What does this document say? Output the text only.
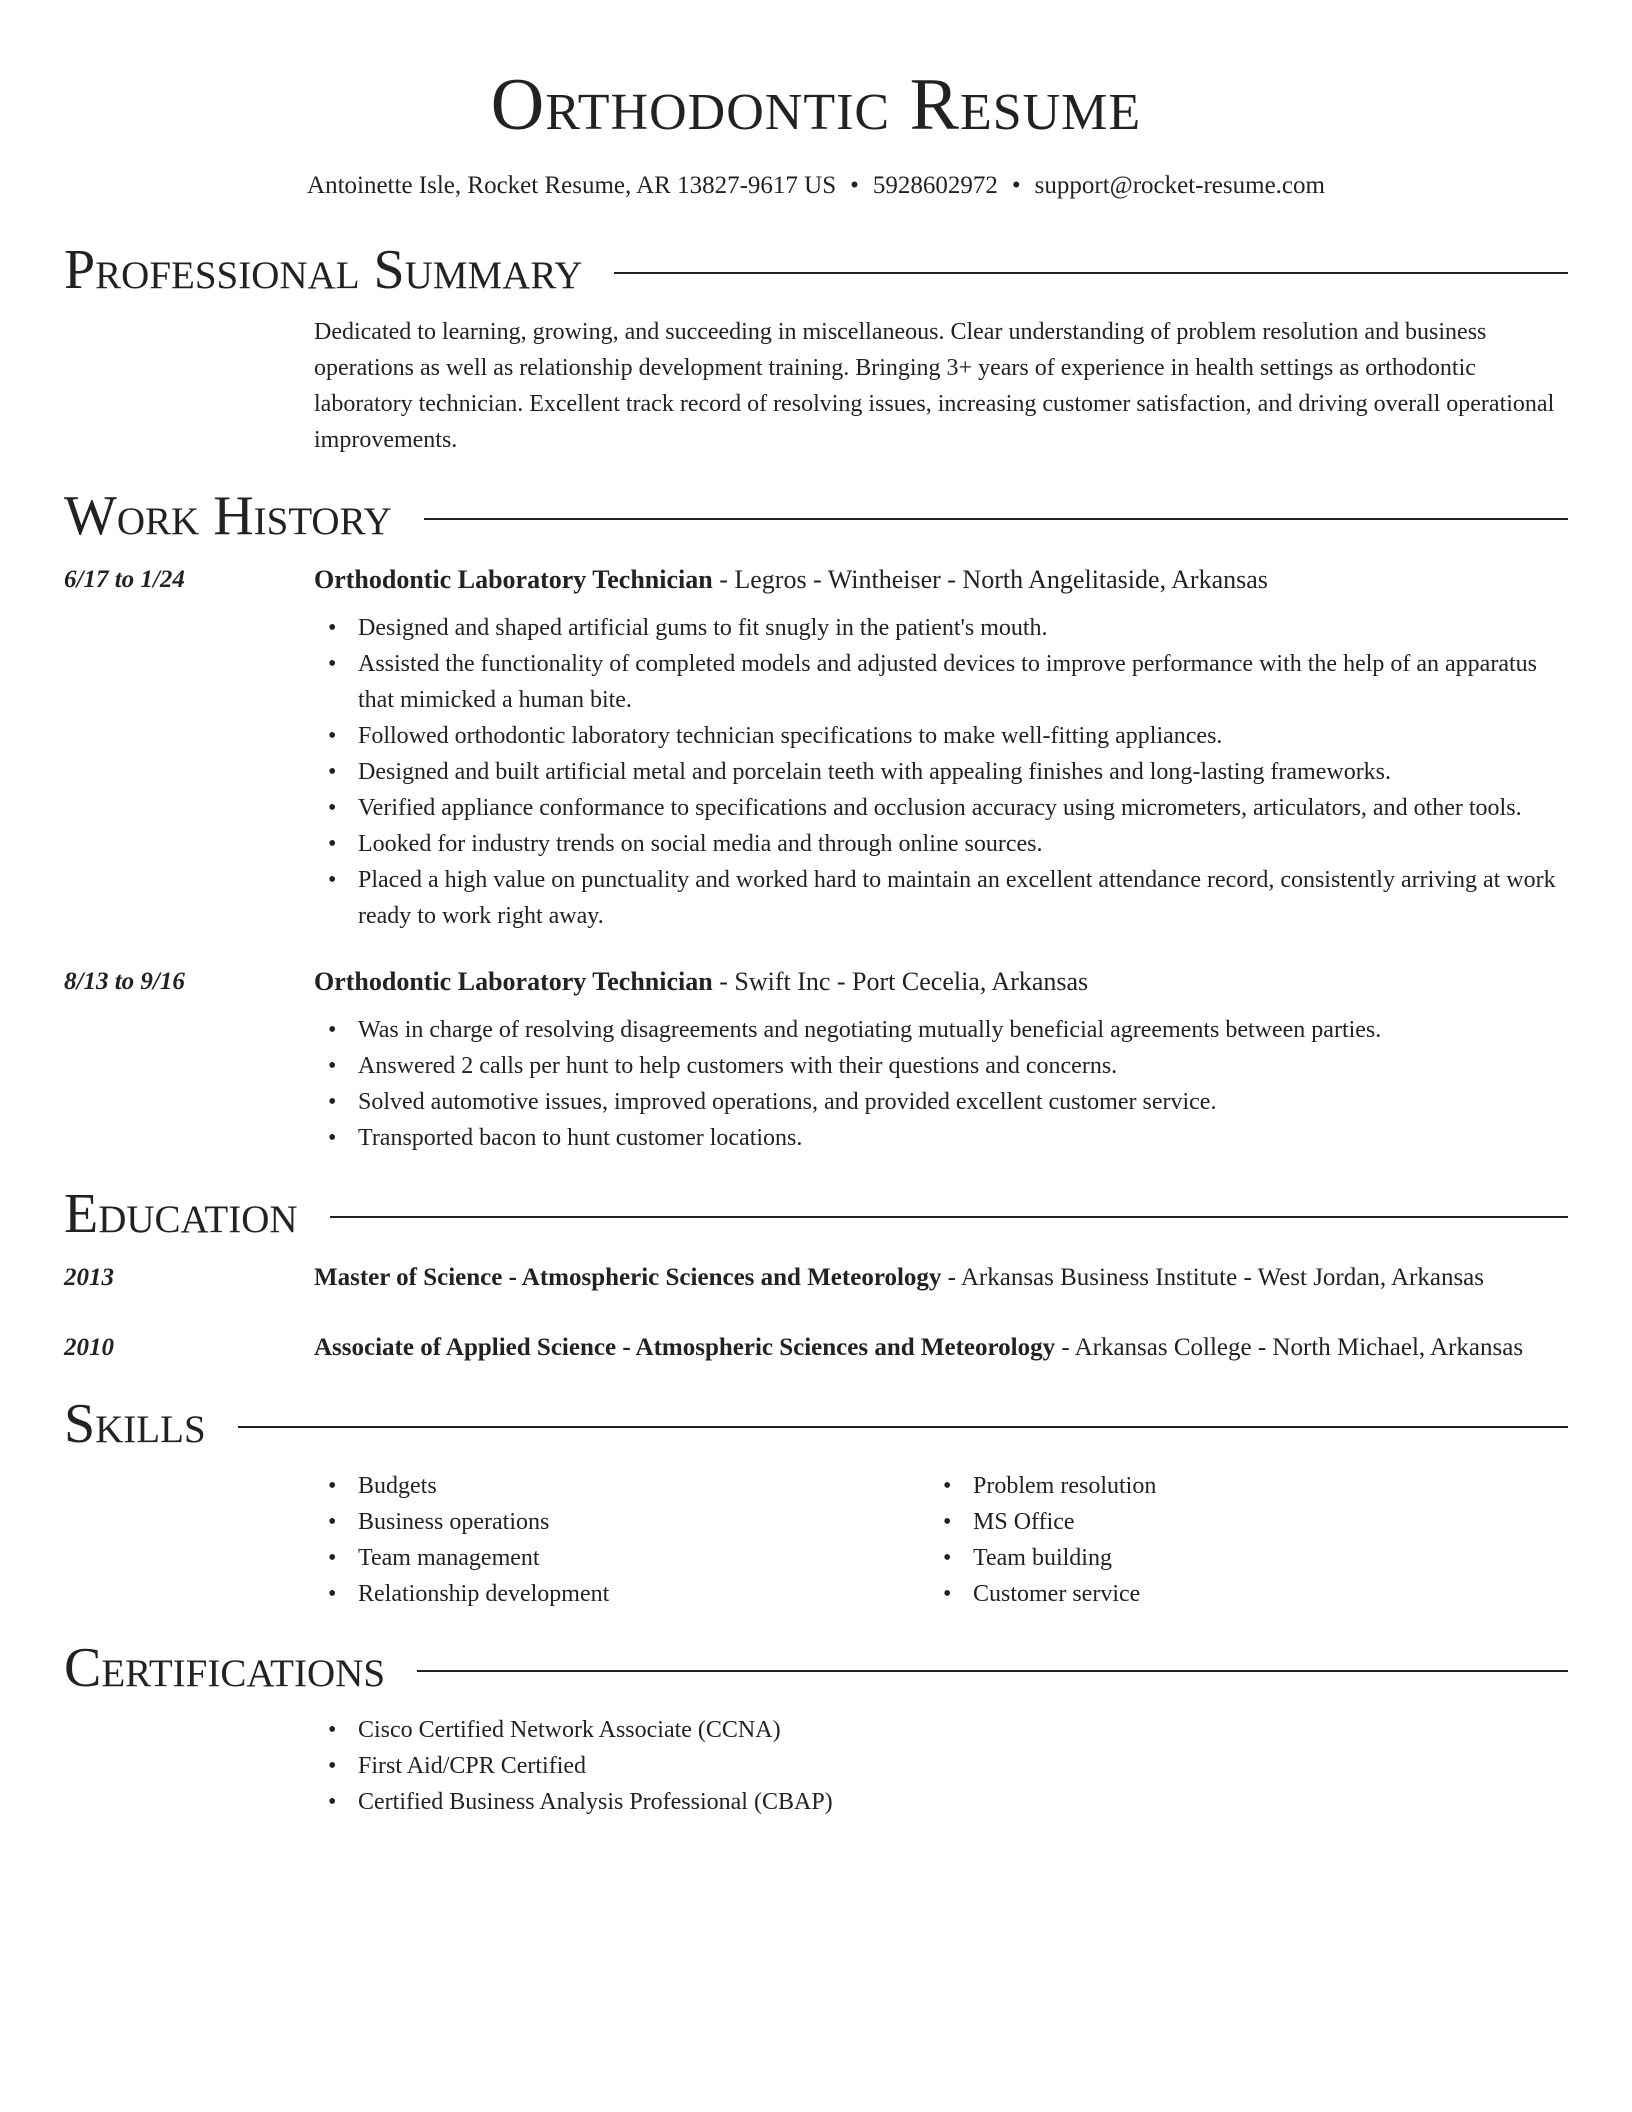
Orthodontic Resume
Antoinette Isle, Rocket Resume, AR 13827-9617 US • 5928602972 • support@rocket-resume.com
Professional Summary

Dedicated to learning, growing, and succeeding in miscellaneous. Clear understanding of problem resolution and business operations as well as relationship development training. Bringing 3+ years of experience in health settings as orthodontic laboratory technician. Excellent track record of resolving issues, increasing customer satisfaction, and driving overall operational improvements.

Work History
6/17 to 1/24	Orthodontic Laboratory Technician - Legros - Wintheiser - North Angelitaside, Arkansas
• Designed and shaped artificial gums to fit snugly in the patient's mouth.
• Assisted the functionality of completed models and adjusted devices to improve performance with the help of an apparatus that mimicked a human bite.
• Followed orthodontic laboratory technician specifications to make well-fitting appliances.
• Designed and built artificial metal and porcelain teeth with appealing finishes and long-lasting frameworks.
• Verified appliance conformance to specifications and occlusion accuracy using micrometers, articulators, and other tools.
• Looked for industry trends on social media and through online sources.
• Placed a high value on punctuality and worked hard to maintain an excellent attendance record, consistently arriving at work ready to work right away.
8/13 to 9/16	Orthodontic Laboratory Technician - Swift Inc - Port Cecelia, Arkansas
• Was in charge of resolving disagreements and negotiating mutually beneficial agreements between parties.
• Answered 2 calls per hunt to help customers with their questions and concerns.
• Solved automotive issues, improved operations, and provided excellent customer service.
• Transported bacon to hunt customer locations.
Education
2013	Master of Science - Atmospheric Sciences and Meteorology - Arkansas Business Institute - West Jordan, Arkansas
2010	Associate of Applied Science - Atmospheric Sciences and Meteorology - Arkansas College - North Michael, Arkansas
Skills
• Budgets
• Business operations
• Team management
• Relationship development
• Problem resolution
• MS Office
• Team building
• Customer service
Certifications
• Cisco Certified Network Associate (CCNA)
• First Aid/CPR Certified
• Certified Business Analysis Professional (CBAP)
